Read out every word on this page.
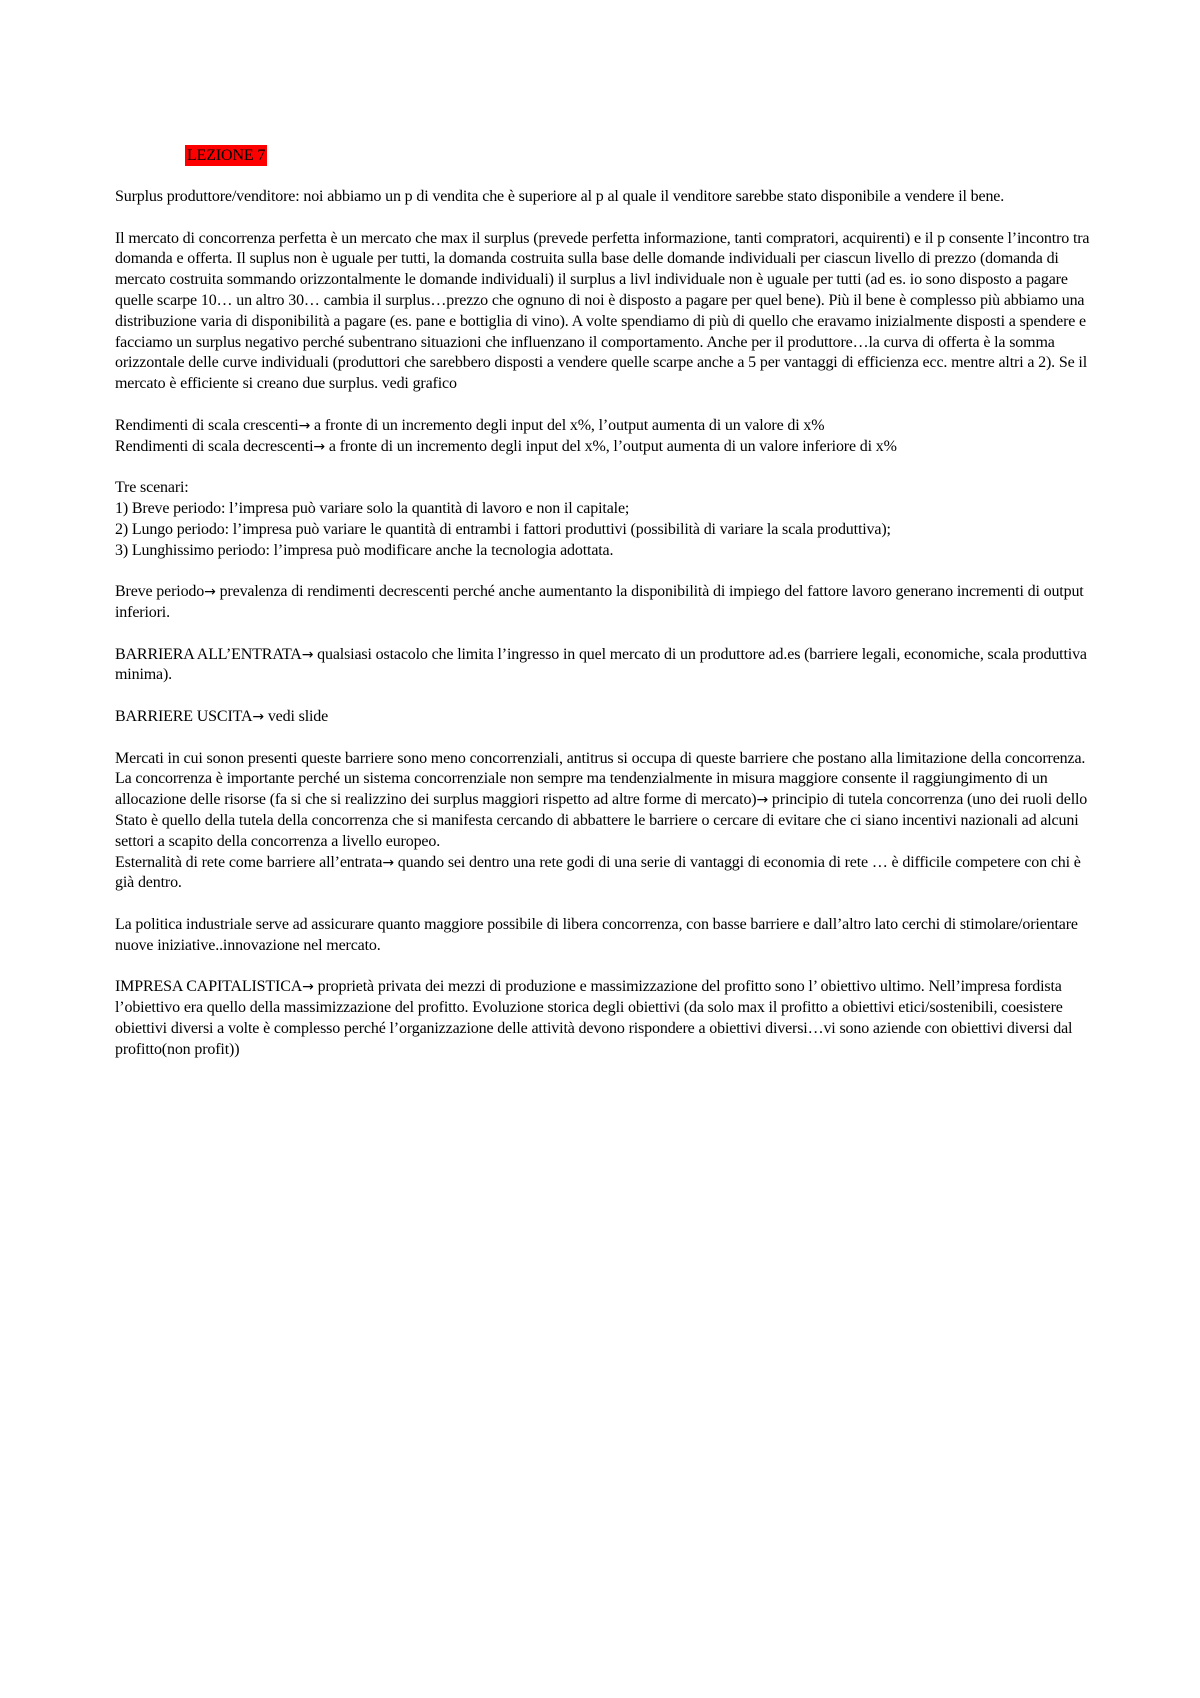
LEZIONE 7

Surplus produttore/venditore: noi abbiamo un p di vendita che è superiore al p al quale il venditore sarebbe stato disponibile a vendere il bene.

Il mercato di concorrenza perfetta è un mercato che max il surplus (prevede perfetta informazione, tanti compratori, acquirenti) e il p consente l’incontro tra domanda e offerta. Il suplus non è uguale per tutti, la domanda costruita sulla base delle domande individuali per ciascun livello di prezzo (domanda di mercato costruita sommando orizzontalmente le domande individuali) il surplus a livl individuale non è uguale per tutti (ad es. io sono disposto a pagare quelle scarpe 10… un altro 30… cambia il surplus…prezzo che ognuno di noi è disposto a pagare per quel bene). Più il bene è complesso più abbiamo una distribuzione varia di disponibilità a pagare (es. pane e bottiglia di vino). A volte spendiamo di più di quello che eravamo inizialmente disposti a spendere e facciamo un surplus negativo perché subentrano situazioni che influenzano il comportamento. Anche per il produttore…la curva di offerta è la somma orizzontale delle curve individuali (produttori che sarebbero disposti a vendere quelle scarpe anche a 5 per vantaggi di efficienza ecc. mentre altri a 2). Se il mercato è efficiente si creano due surplus. vedi grafico

Rendimenti di scala crescenti→ a fronte di un incremento degli input del x%, l’output aumenta di un valore di x%
Rendimenti di scala decrescenti→ a fronte di un incremento degli input del x%, l’output aumenta di un valore inferiore di x%

Tre scenari:
1) Breve periodo: l’impresa può variare solo la quantità di lavoro e non il capitale;
2) Lungo periodo: l’impresa può variare le quantità di entrambi i fattori produttivi (possibilità di variare la scala produttiva);
3) Lunghissimo periodo: l’impresa può modificare anche la tecnologia adottata.

Breve periodo→ prevalenza di rendimenti decrescenti perché anche aumentanto la disponibilità di impiego del fattore lavoro generano incrementi di output inferiori.

BARRIERA ALL’ENTRATA→ qualsiasi ostacolo che limita l’ingresso in quel mercato di un produttore ad.es (barriere legali, economiche, scala produttiva minima).

BARRIERE USCITA→ vedi slide

Mercati in cui sonon presenti queste barriere sono meno concorrenziali, antitrus si occupa di queste barriere che postano alla limitazione della concorrenza. La concorrenza è importante perché un sistema concorrenziale non sempre ma tendenzialmente in misura maggiore consente il raggiungimento di un allocazione delle risorse (fa si che si realizzino dei surplus maggiori rispetto ad altre forme di mercato)→ principio di tutela concorrenza (uno dei ruoli dello Stato è quello della tutela della concorrenza che si manifesta cercando di abbattere le barriere o cercare di evitare che ci siano incentivi nazionali ad alcuni settori a scapito della concorrenza a livello europeo.
Esternalità di rete come barriere all’entrata→ quando sei dentro una rete godi di una serie di vantaggi di economia di rete … è difficile competere con chi è già dentro.

La politica industriale serve ad assicurare quanto maggiore possibile di libera concorrenza, con basse barriere e dall’altro lato cerchi di stimolare/orientare nuove iniziative..innovazione nel mercato.

IMPRESA CAPITALISTICA→ proprietà privata dei mezzi di produzione e massimizzazione del profitto sono l’ obiettivo ultimo. Nell’impresa fordista l’obiettivo era quello della massimizzazione del profitto. Evoluzione storica degli obiettivi (da solo max il profitto a obiettivi etici/sostenibili, coesistere obiettivi diversi a volte è complesso perché l’organizzazione delle attività devono rispondere a obiettivi diversi…vi sono aziende con obiettivi diversi dal profitto(non profit))
